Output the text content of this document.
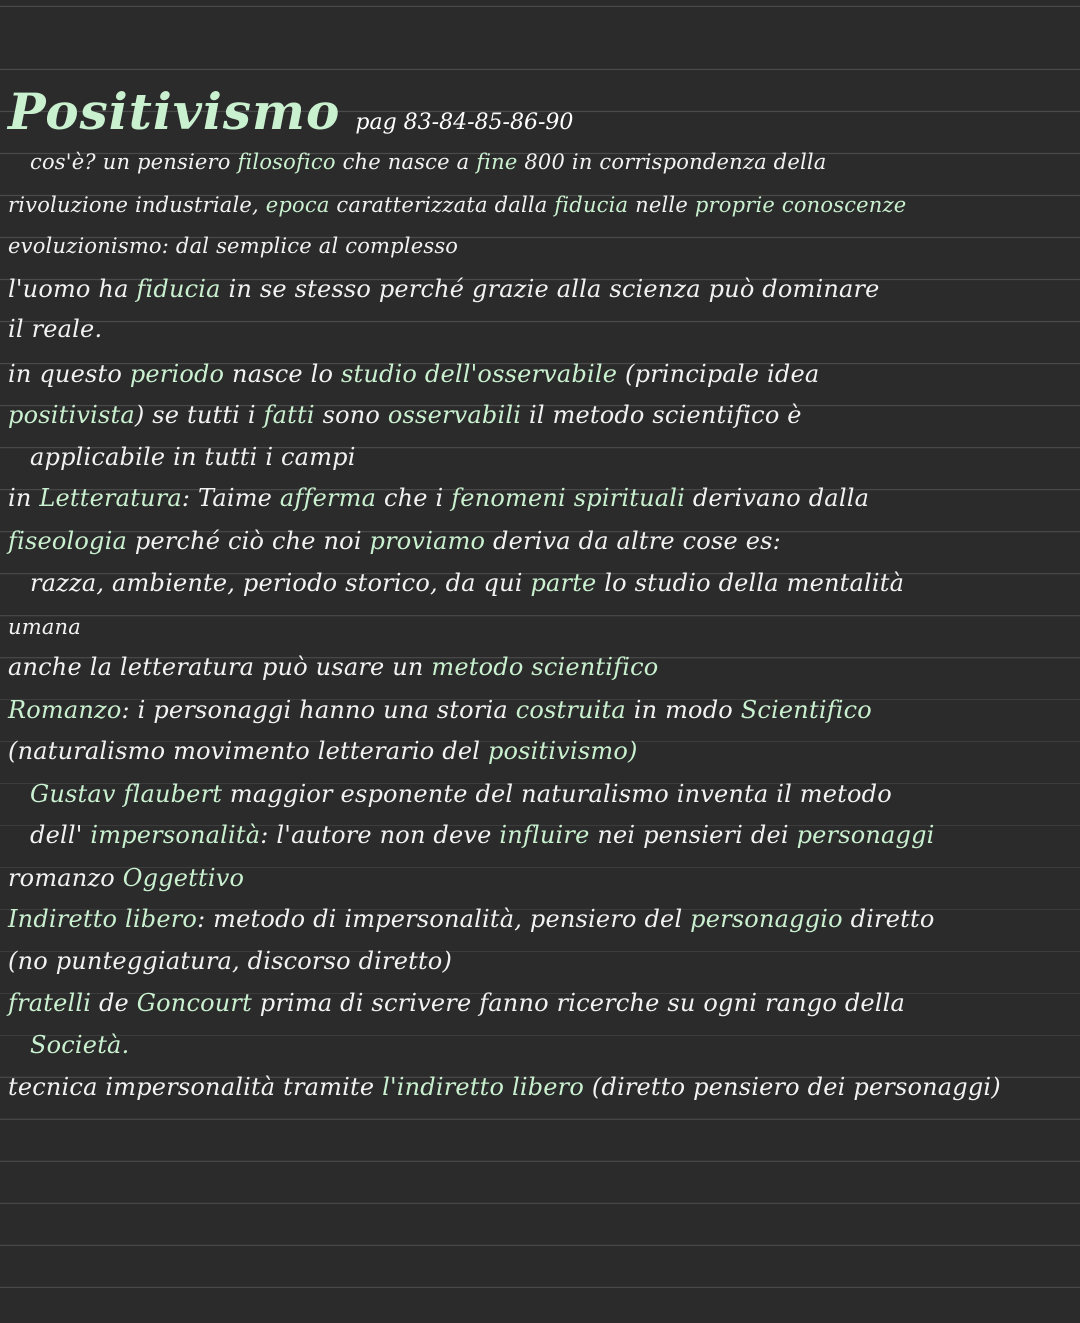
Positivismo pag 83-84-85-86-90
cos'è? un pensiero filosofico che nasce a fine 800 in corrispondenza della
rivoluzione industriale, epoca caratterizzata dalla fiducia nelle proprie conoscenze
evoluzionismo: dal semplice al complesso
l'uomo ha fiducia in se stesso perché grazie alla scienza può dominare
il reale.
in questo periodo nasce lo studio dell'osservabile (principale idea
positivista) se tutti i fatti sono osservabili il metodo scientifico è
applicabile in tutti i campi
in Letteratura: Taime afferma che i fenomeni spirituali derivano dalla
fiseologia perché ciò che noi proviamo deriva da altre cose es:
razza, ambiente, periodo storico, da qui parte lo studio della mentalità
umana
anche la letteratura può usare un metodo scientifico
Romanzo: i personaggi hanno una storia costruita in modo Scientifico
(naturalismo movimento letterario del positivismo)
Gustav flaubert maggior esponente del naturalismo inventa il metodo
dell' impersonalità: l'autore non deve influire nei pensieri dei personaggi
romanzo Oggettivo
Indiretto libero: metodo di impersonalità, pensiero del personaggio diretto
(no punteggiatura, discorso diretto)
fratelli de Goncourt prima di scrivere fanno ricerche su ogni rango della
Società.
tecnica impersonalità tramite l'indiretto libero (diretto pensiero dei personaggi)
